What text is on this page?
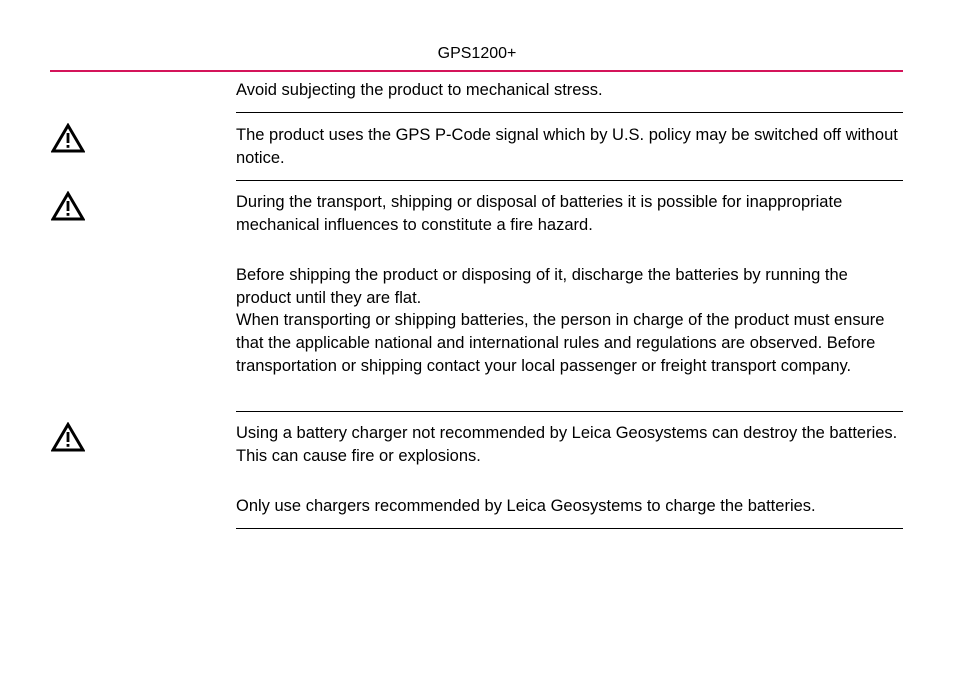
GPS1200+

Avoid subjecting the product to mechanical stress.

The product uses the GPS P-Code signal which by U.S. policy may be switched off without notice.

During the transport, shipping or disposal of batteries it is possible for inappropriate mechanical influences to constitute a fire hazard.

Before shipping the product or disposing of it, discharge the batteries by running the product until they are flat.

When transporting or shipping batteries, the person in charge of the product must ensure that the applicable national and international rules and regulations are observed. Before transportation or shipping contact your local passenger or freight transport company.

Using a battery charger not recommended by Leica Geosystems can destroy the batteries. This can cause fire or explosions.

Only use chargers recommended by Leica Geosystems to charge the batteries.
